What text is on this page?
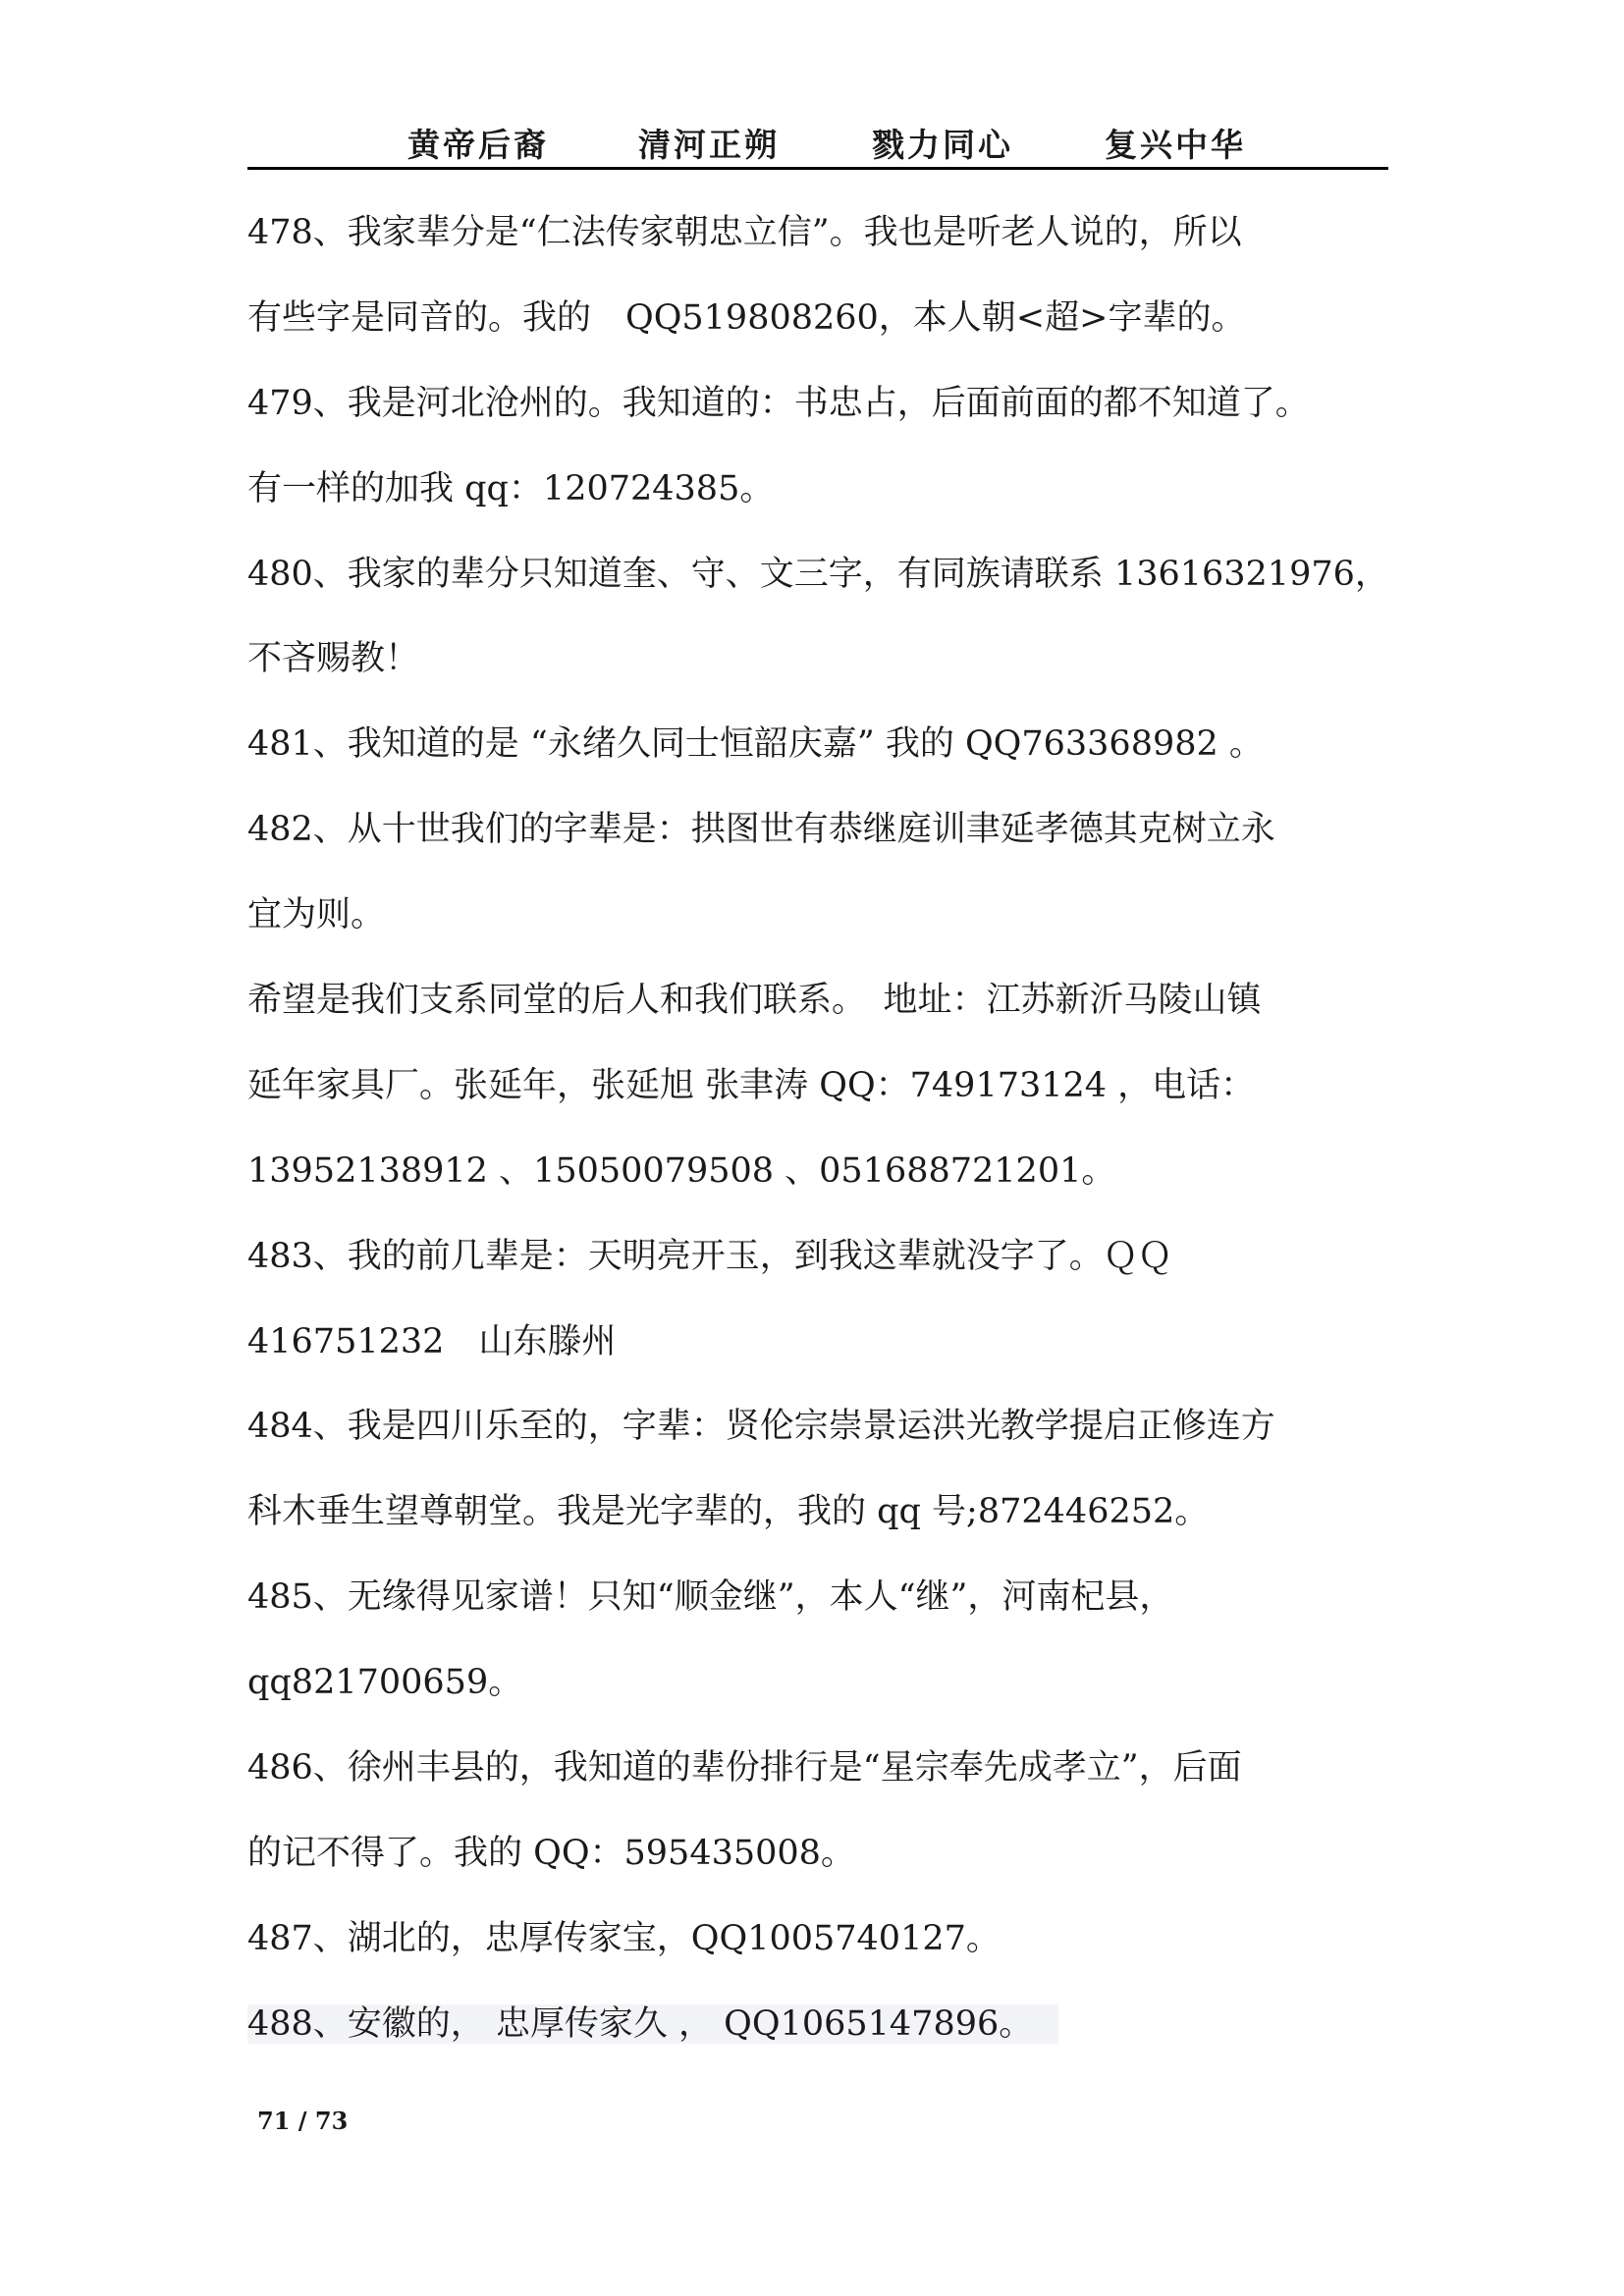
黄帝后裔	清河正朔	戮力同心	复兴中华
478、我家辈分是“仁法传家朝忠立信”。我也是听老人说的，所以
有些字是同音的。我的　QQ519808260，本人朝<超>字辈的。
479、我是河北沧州的。我知道的：书忠占，后面前面的都不知道了。
有一样的加我 qq：120724385。
480、我家的辈分只知道奎、守、文三字，有同族请联系 13616321976，
不吝赐教！
481、我知道的是 “永绪久同士恒韶庆嘉” 我的 QQ763368982 。
482、从十世我们的字辈是：拱图世有恭继庭训聿延孝德其克树立永
宜为则。
希望是我们支系同堂的后人和我们联系。　地址：江苏新沂马陵山镇
延年家具厂。张延年，张延旭 张聿涛 QQ：749173124 ，电话：
13952138912 、15050079508 、051688721201。
483、我的前几辈是：天明亮开玉，到我这辈就没字了。ＱＱ
416751232　山东滕州
484、我是四川乐至的，字辈：贤伦宗崇景运洪光教学提启正修连方
科木垂生望尊朝堂。我是光字辈的，我的 qq 号;872446252。
485、无缘得见家谱！只知“顺金继”，本人“继”，河南杞县，
qq821700659。
486、徐州丰县的，我知道的辈份排行是“星宗奉先成孝立”，后面
的记不得了。我的 QQ：595435008。
487、湖北的，忠厚传家宝，QQ1005740127。
488、安徽的， 忠厚传家久 ， QQ1065147896。
71 / 73
